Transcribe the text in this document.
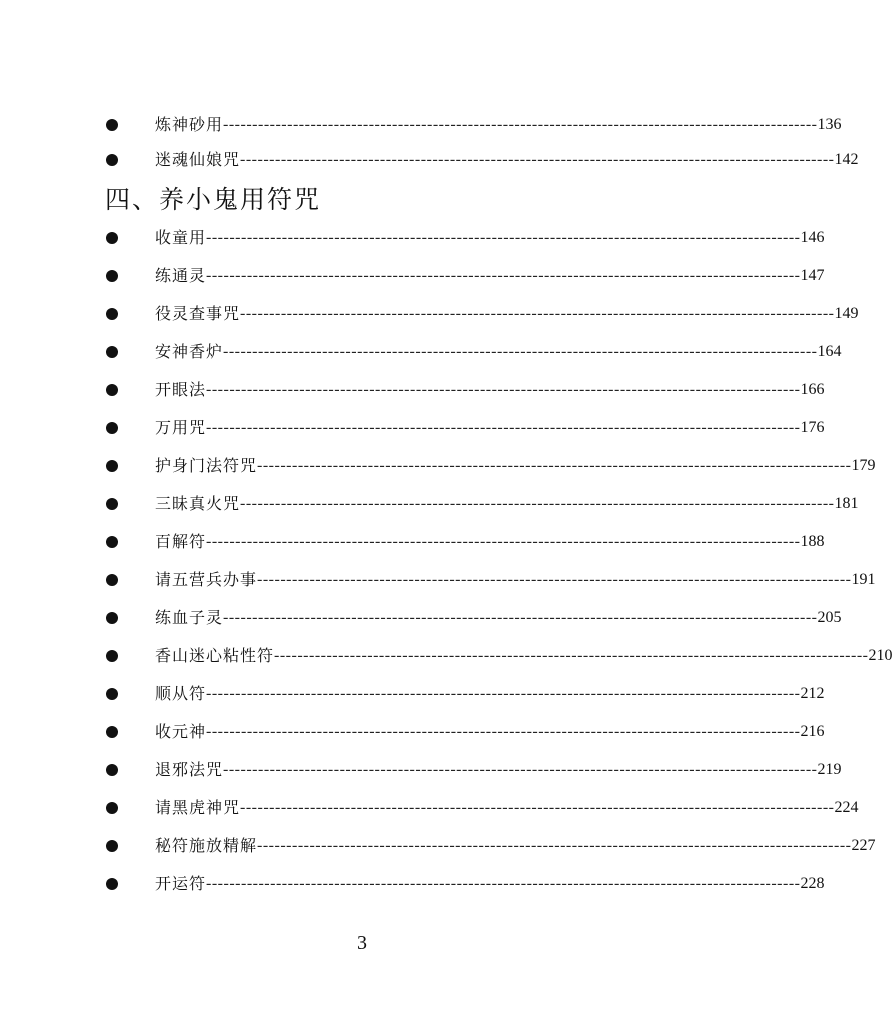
炼神砂用 ------------------------------------------------------------------------------------------------------ 136
迷魂仙娘咒 ------------------------------------------------------------------------------------------------------ 142
四、养小鬼用符咒
收童用 ------------------------------------------------------------------------------------------------------ 146
练通灵 ------------------------------------------------------------------------------------------------------ 147
役灵查事咒 ------------------------------------------------------------------------------------------------------ 149
安神香炉 ------------------------------------------------------------------------------------------------------ 164
开眼法 ------------------------------------------------------------------------------------------------------ 166
万用咒 ------------------------------------------------------------------------------------------------------ 176
护身门法符咒 ------------------------------------------------------------------------------------------------------ 179
三昧真火咒 ------------------------------------------------------------------------------------------------------ 181
百解符 ------------------------------------------------------------------------------------------------------ 188
请五营兵办事 ------------------------------------------------------------------------------------------------------ 191
练血子灵 ------------------------------------------------------------------------------------------------------ 205
香山迷心粘性符 ------------------------------------------------------------------------------------------------------ 210
顺从符 ------------------------------------------------------------------------------------------------------ 212
收元神 ------------------------------------------------------------------------------------------------------ 216
退邪法咒 ------------------------------------------------------------------------------------------------------ 219
请黑虎神咒 ------------------------------------------------------------------------------------------------------ 224
秘符施放精解 ------------------------------------------------------------------------------------------------------ 227
开运符 ------------------------------------------------------------------------------------------------------ 228
3
